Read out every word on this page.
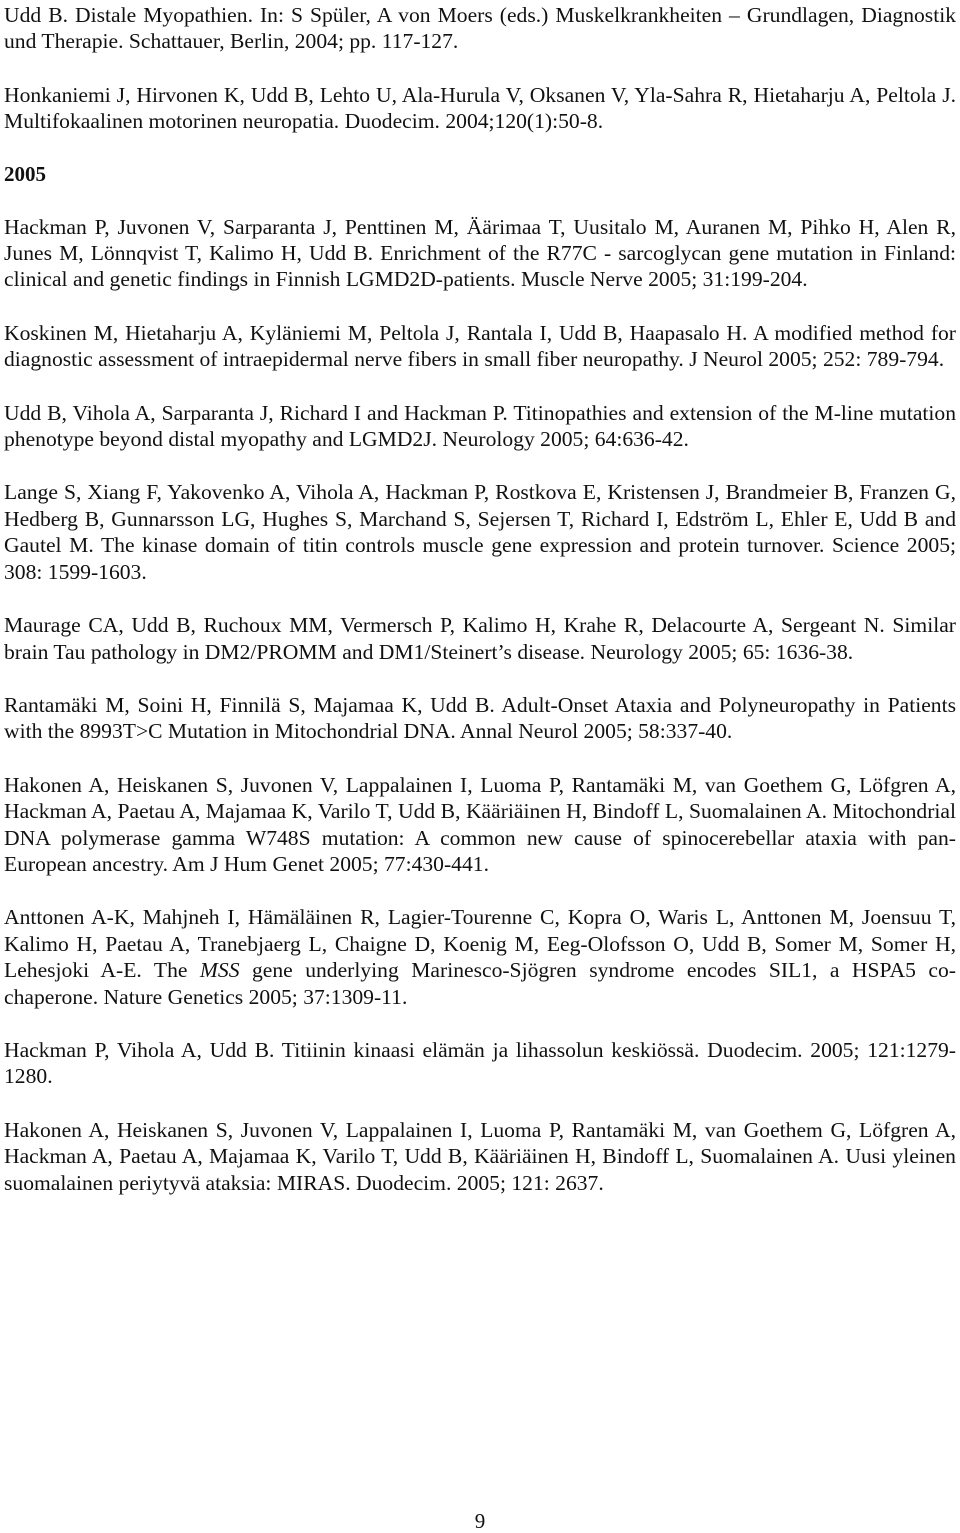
Udd B. Distale Myopathien. In: S Spüler, A von Moers (eds.) Muskelkrankheiten – Grundlagen, Diagnostik und Therapie. Schattauer, Berlin, 2004; pp. 117-127.

Honkaniemi J, Hirvonen K, Udd B, Lehto U, Ala-Hurula V, Oksanen V, Yla-Sahra R, Hietaharju A, Peltola J. Multifokaalinen motorinen neuropatia. Duodecim. 2004;120(1):50-8.

2005

Hackman P, Juvonen V, Sarparanta J, Penttinen M, Äärimaa T, Uusitalo M, Auranen M, Pihko H, Alen R, Junes M, Lönnqvist T, Kalimo H, Udd B. Enrichment of the R77C - sarcoglycan gene mutation in Finland: clinical and genetic findings in Finnish LGMD2D-patients. Muscle Nerve 2005; 31:199-204.

Koskinen M, Hietaharju A, Kyläniemi M, Peltola J, Rantala I, Udd B, Haapasalo H. A modified method for diagnostic assessment of intraepidermal nerve fibers in small fiber neuropathy. J Neurol 2005; 252: 789-794.

Udd B, Vihola A, Sarparanta J, Richard I and Hackman P. Titinopathies and extension of the M-line mutation phenotype beyond distal myopathy and LGMD2J. Neurology 2005; 64:636-42.

Lange S, Xiang F, Yakovenko A, Vihola A, Hackman P, Rostkova E, Kristensen J, Brandmeier B, Franzen G, Hedberg B, Gunnarsson LG, Hughes S, Marchand S, Sejersen T, Richard I, Edström L, Ehler E, Udd B and Gautel M. The kinase domain of titin controls muscle gene expression and protein turnover. Science 2005; 308: 1599-1603.

Maurage CA, Udd B, Ruchoux MM, Vermersch P, Kalimo H, Krahe R, Delacourte A, Sergeant N. Similar brain Tau pathology in DM2/PROMM and DM1/Steinert’s disease. Neurology 2005; 65: 1636-38.

Rantamäki M, Soini H, Finnilä S, Majamaa K, Udd B. Adult-Onset Ataxia and Polyneuropathy in Patients with the 8993T>C Mutation in Mitochondrial DNA. Annal Neurol 2005; 58:337-40.

Hakonen A, Heiskanen S, Juvonen V, Lappalainen I, Luoma P, Rantamäki M, van Goethem G, Löfgren A, Hackman A, Paetau A, Majamaa K, Varilo T, Udd B, Kääriäinen H, Bindoff L, Suomalainen A. Mitochondrial DNA polymerase gamma W748S mutation: A common new cause of spinocerebellar ataxia with pan-European ancestry. Am J Hum Genet 2005; 77:430-441.

Anttonen A-K, Mahjneh I, Hämäläinen R, Lagier-Tourenne C, Kopra O, Waris L, Anttonen M, Joensuu T, Kalimo H, Paetau A, Tranebjaerg L, Chaigne D, Koenig M, Eeg-Olofsson O, Udd B, Somer M, Somer H, Lehesjoki A-E. The MSS gene underlying Marinesco-Sjögren syndrome encodes SIL1, a HSPA5 co-chaperone. Nature Genetics 2005; 37:1309-11.

Hackman P, Vihola A, Udd B. Titiinin kinaasi elämän ja lihassolun keskiössä. Duodecim. 2005; 121:1279-1280.

Hakonen A, Heiskanen S, Juvonen V, Lappalainen I, Luoma P, Rantamäki M, van Goethem G, Löfgren A, Hackman A, Paetau A, Majamaa K, Varilo T, Udd B, Kääriäinen H, Bindoff L, Suomalainen A. Uusi yleinen suomalainen periytyvä ataksia: MIRAS. Duodecim. 2005; 121: 2637.

9
